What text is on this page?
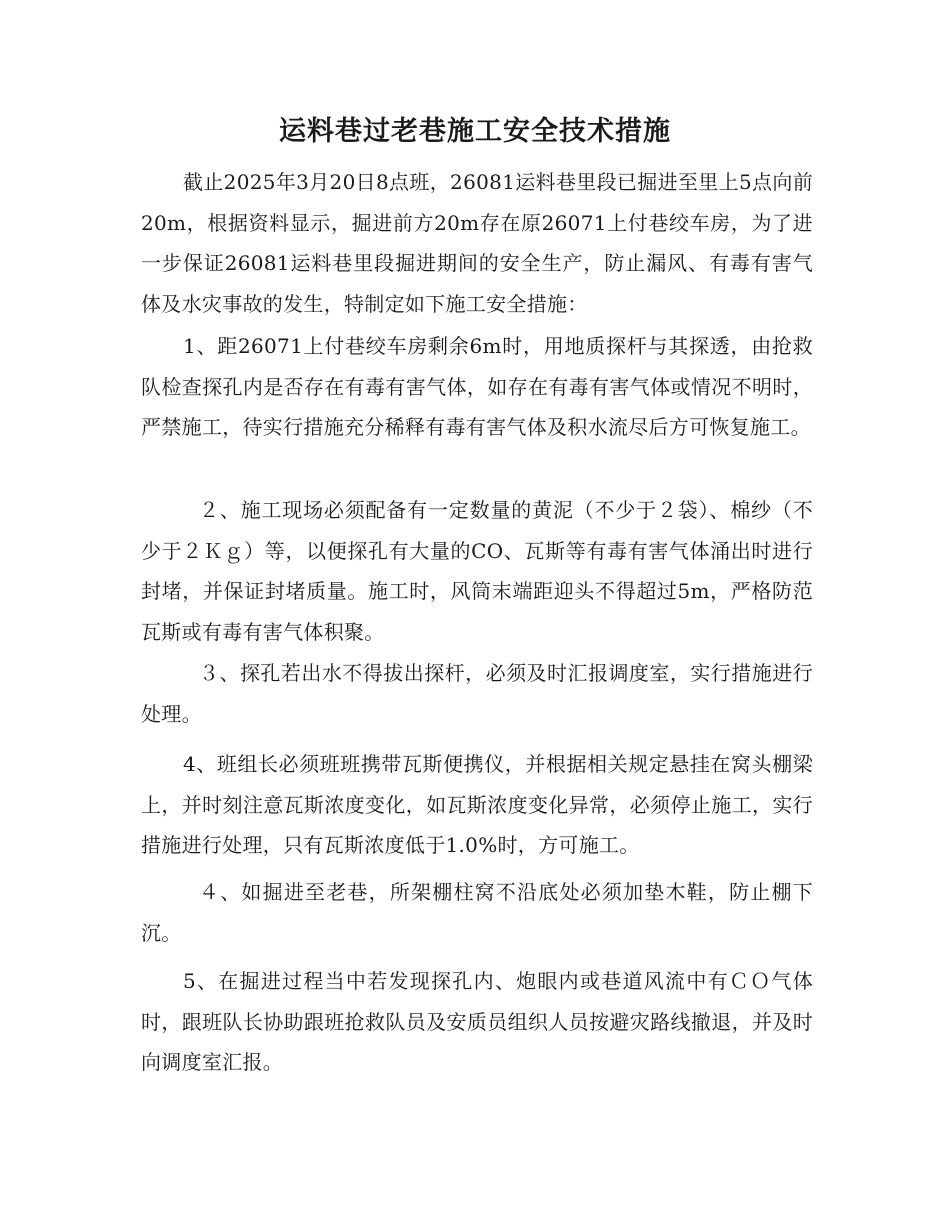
运料巷过老巷施工安全技术措施

截止2025年3月20日8点班，26081运料巷里段已掘进至里上5点向前20m，根据资料显示，掘进前方20m存在原26071上付巷绞车房，为了进一步保证26081运料巷里段掘进期间的安全生产，防止漏风、有毒有害气体及水灾事故的发生，特制定如下施工安全措施：

1、距26071上付巷绞车房剩余6m时，用地质探杆与其探透，由抢救队检查探孔内是否存在有毒有害气体，如存在有毒有害气体或情况不明时，严禁施工，待实行措施充分稀释有毒有害气体及积水流尽后方可恢复施工。

２、施工现场必须配备有一定数量的黄泥（不少于２袋）、棉纱（不少于２Ｋｇ）等，以便探孔有大量的CO、瓦斯等有毒有害气体涌出时进行封堵，并保证封堵质量。施工时，风筒末端距迎头不得超过5m，严格防范瓦斯或有毒有害气体积聚。

３、探孔若出水不得拔出探杆，必须及时汇报调度室，实行措施进行处理。

4、班组长必须班班携带瓦斯便携仪，并根据相关规定悬挂在窝头棚梁上，并时刻注意瓦斯浓度变化，如瓦斯浓度变化异常，必须停止施工，实行措施进行处理，只有瓦斯浓度低于1.0%时，方可施工。

４、如掘进至老巷，所架棚柱窝不沿底处必须加垫木鞋，防止棚下沉。

5、在掘进过程当中若发现探孔内、炮眼内或巷道风流中有ＣＯ气体时，跟班队长协助跟班抢救队员及安质员组织人员按避灾路线撤退，并及时向调度室汇报。
